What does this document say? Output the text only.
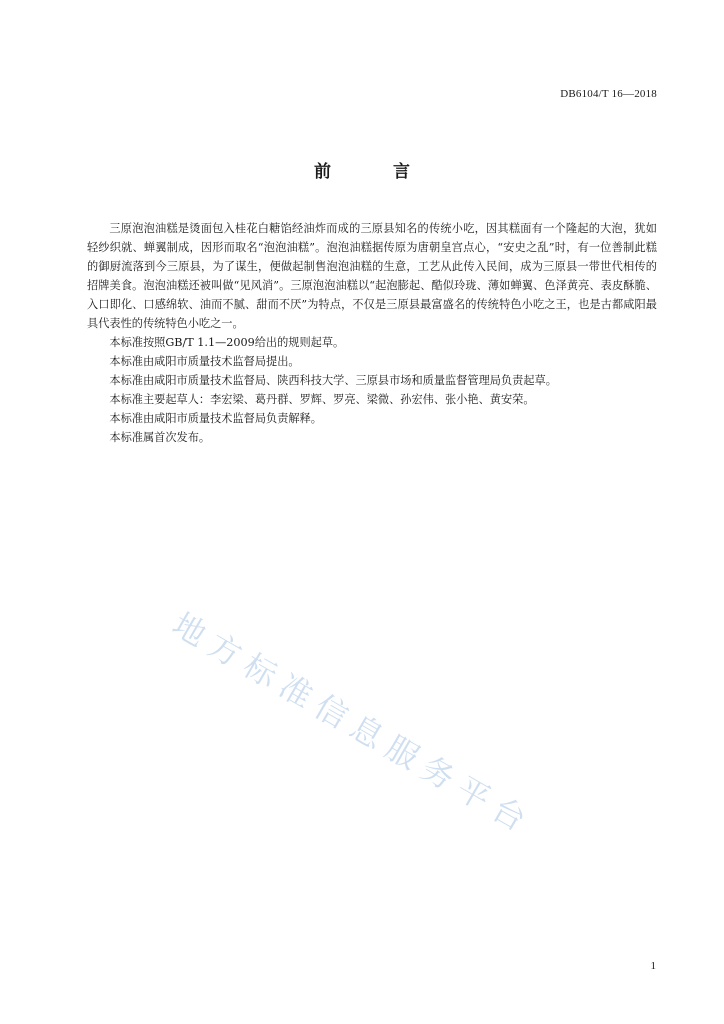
DB6104/T 16—2018
前 言

三原泡泡油糕是烫面包入桂花白糖馅经油炸而成的三原县知名的传统小吃，因其糕面有一个隆起的大泡，犹如轻纱织就、蝉翼制成，因形而取名“泡泡油糕”。泡泡油糕据传原为唐朝皇宫点心，“安史之乱”时，有一位善制此糕的御厨流落到今三原县，为了谋生，便做起制售泡泡油糕的生意，工艺从此传入民间，成为三原县一带世代相传的招牌美食。泡泡油糕还被叫做“见风消”。三原泡泡油糕以“起泡膨起、酷似玲珑、薄如蝉翼、色泽黄亮、表皮酥脆、入口即化、口感绵软、油而不腻、甜而不厌”为特点，不仅是三原县最富盛名的传统特色小吃之王，也是古都咸阳最具代表性的传统特色小吃之一。

本标准按照GB/T 1.1—2009给出的规则起草。

本标准由咸阳市质量技术监督局提出。

本标准由咸阳市质量技术监督局、陕西科技大学、三原县市场和质量监督管理局负责起草。

本标准主要起草人：李宏梁、葛丹群、罗辉、罗亮、梁微、孙宏伟、张小艳、黄安荣。

本标准由咸阳市质量技术监督局负责解释。

本标准属首次发布。

地方标准信息服务平台
1
